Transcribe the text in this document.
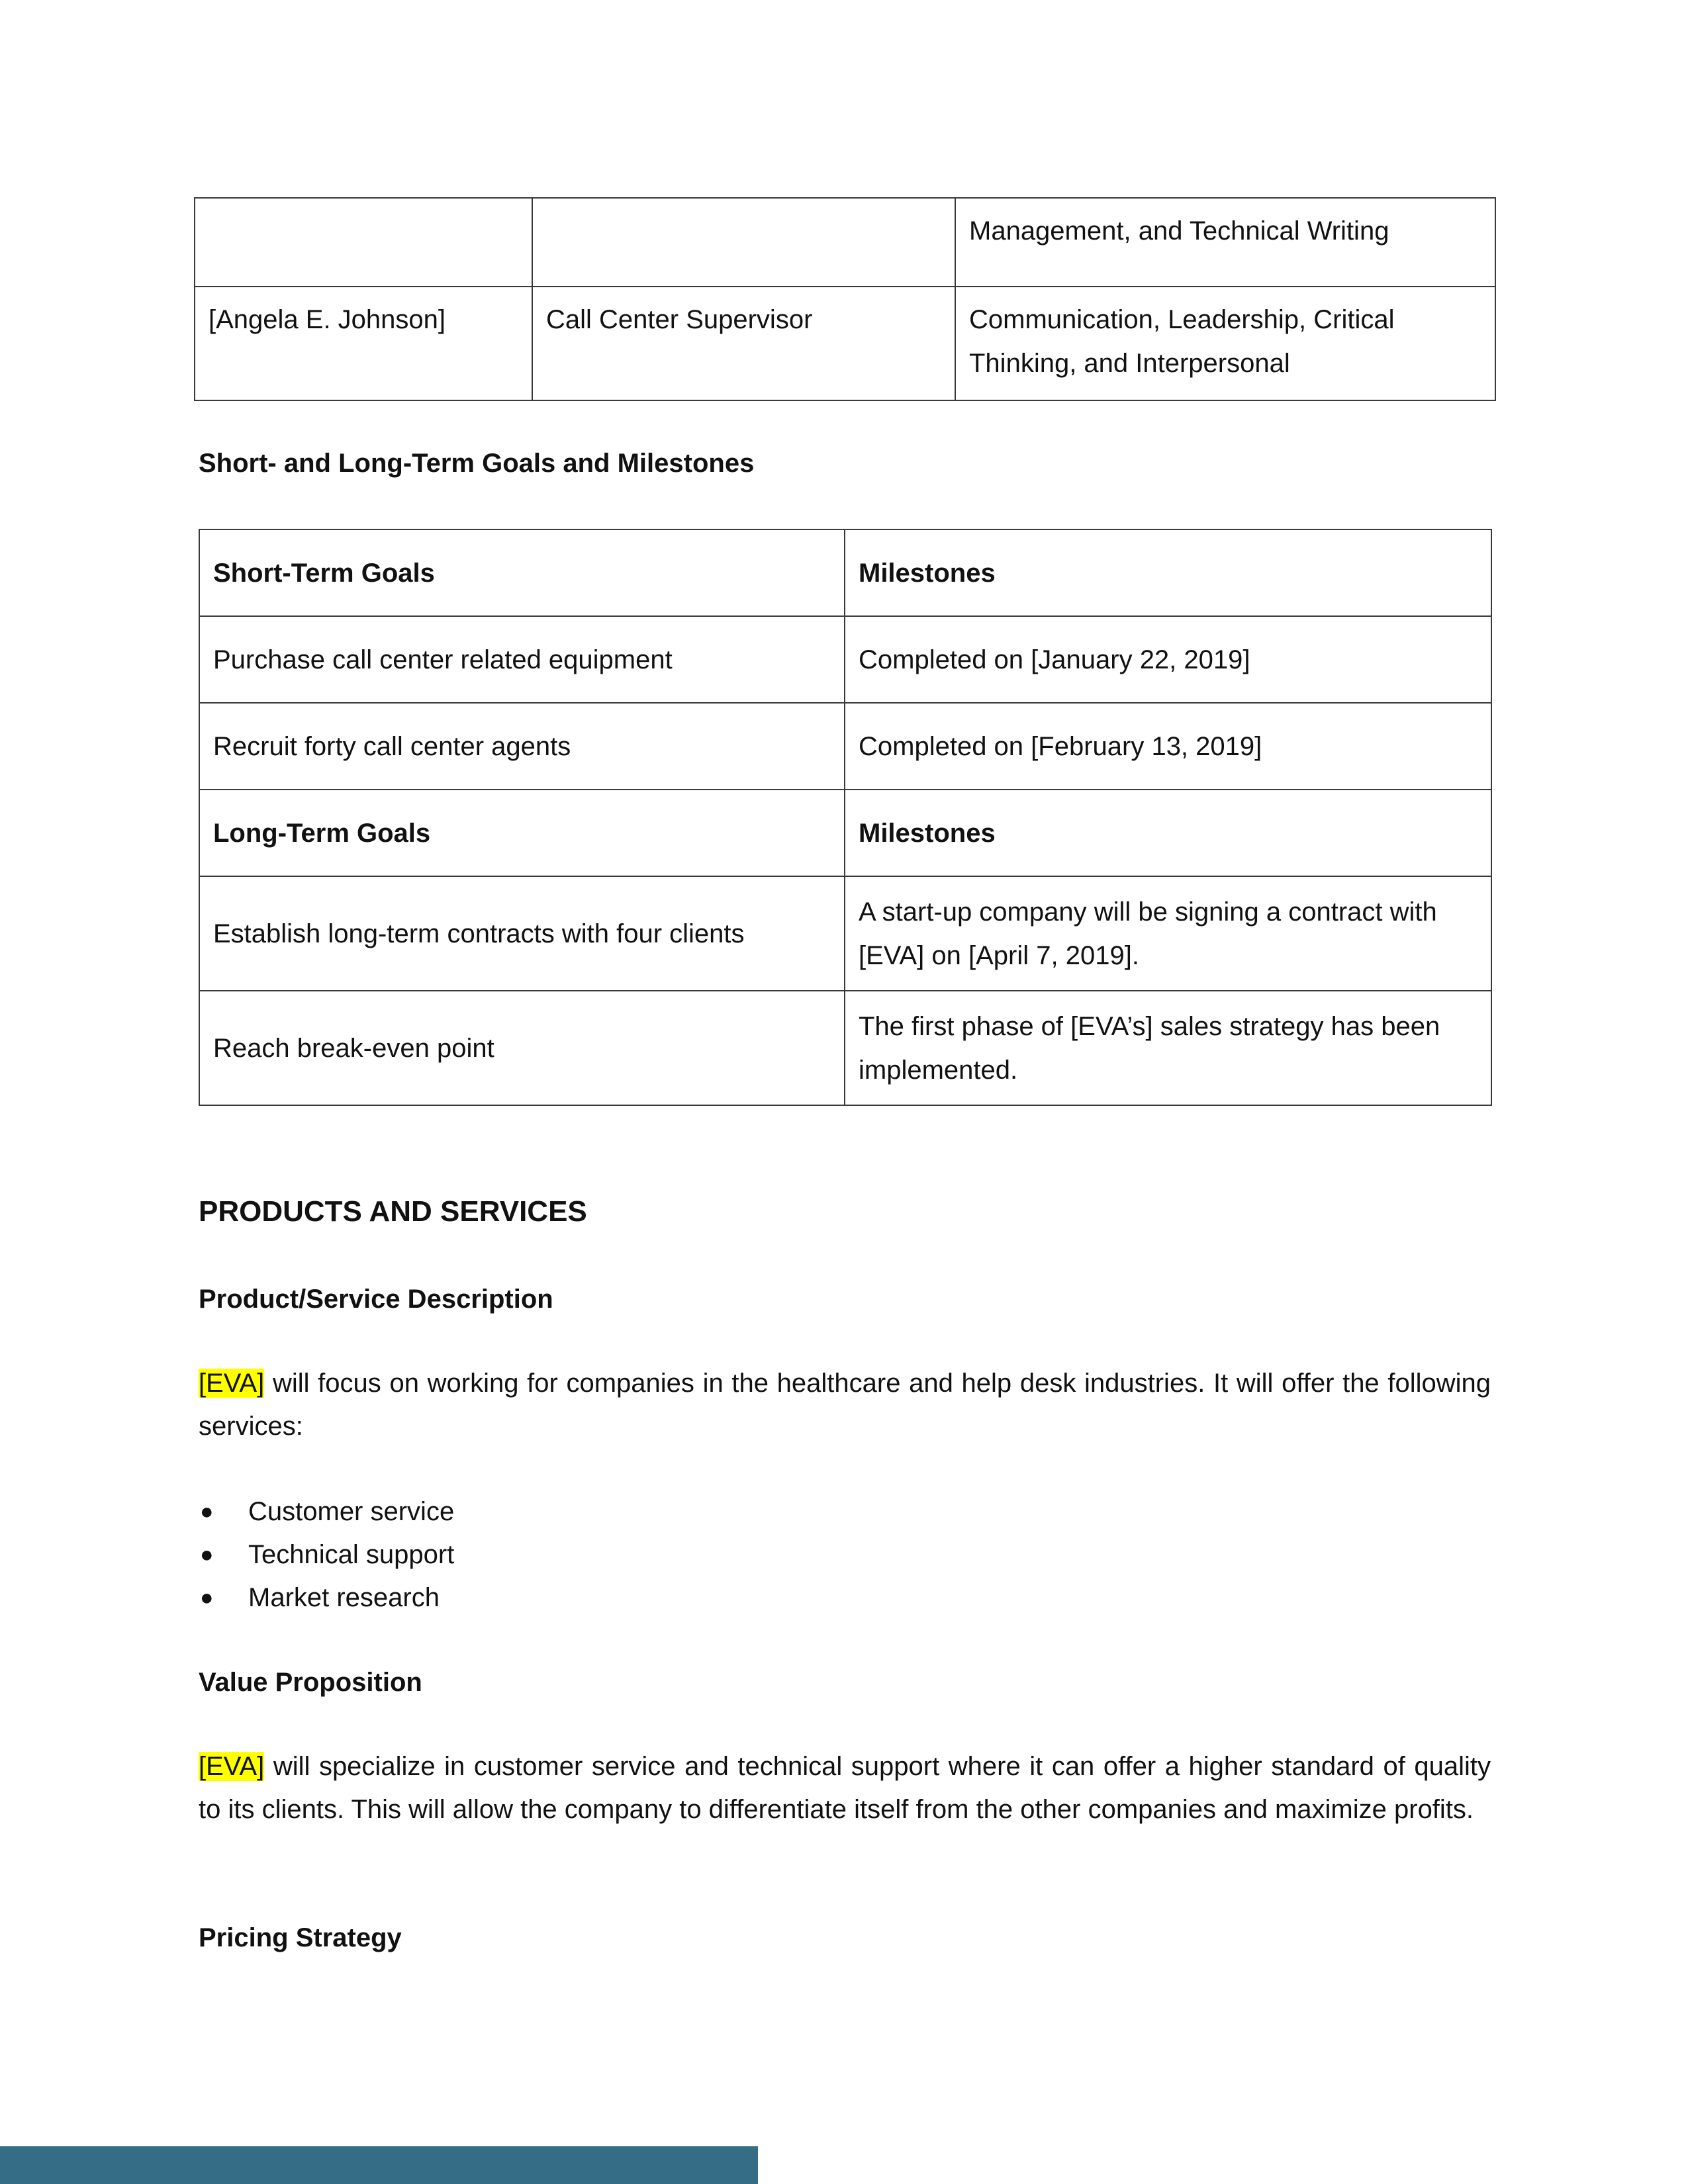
		Management, and Technical Writing
[Angela E. Johnson]	Call Center Supervisor	Communication, Leadership, Critical Thinking, and Interpersonal
Short- and Long-Term Goals and Milestones
Short-Term Goals	Milestones
Purchase call center related equipment	Completed on [January 22, 2019]
Recruit forty call center agents	Completed on [February 13, 2019]
Long-Term Goals	Milestones
Establish long-term contracts with four clients	A start-up company will be signing a contract with [EVA] on [April 7, 2019].
Reach break-even point	The first phase of [EVA’s] sales strategy has been implemented.
PRODUCTS AND SERVICES
Product/Service Description

[EVA] will focus on working for companies in the healthcare and help desk industries. It will offer the following services:

● Customer service
● Technical support
● Market research
Value Proposition

[EVA] will specialize in customer service and technical support where it can offer a higher standard of quality to its clients. This will allow the company to differentiate itself from the other companies and maximize profits.

Pricing Strategy
